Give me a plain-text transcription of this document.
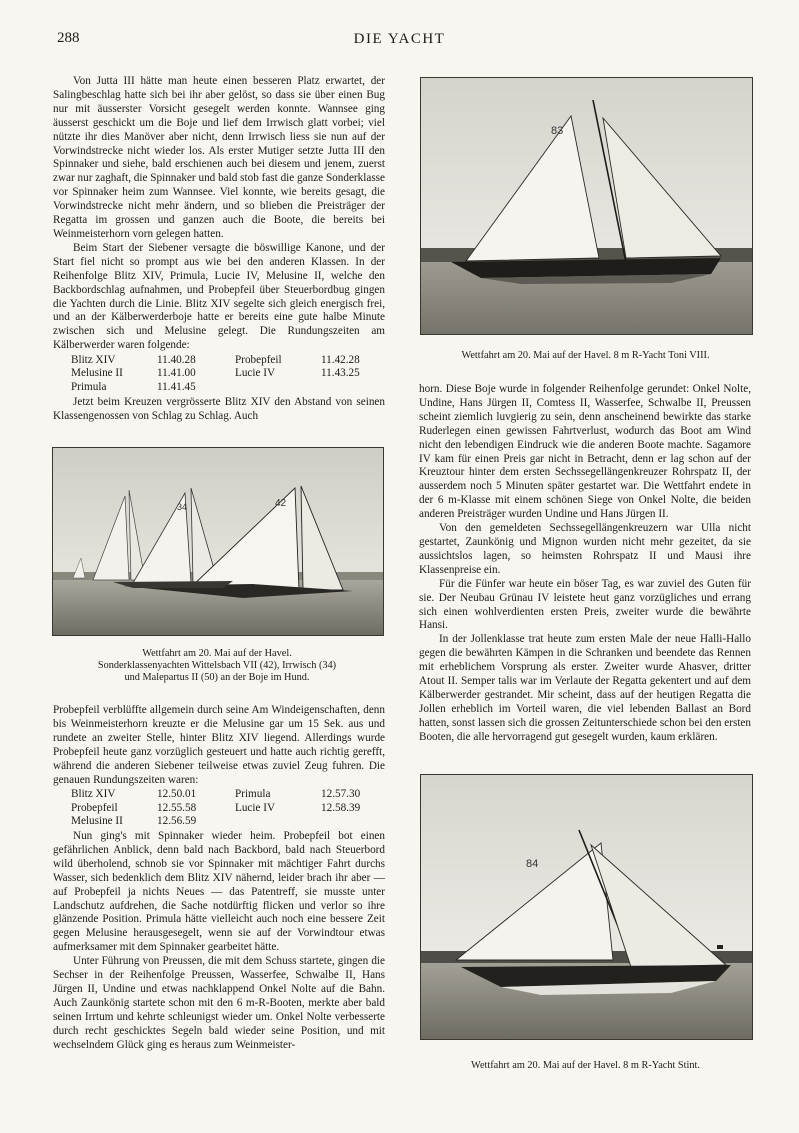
288	DIE YACHT

Von Jutta III hätte man heute einen besseren Platz erwartet, der Salingbeschlag hatte sich bei ihr aber gelöst, so dass sie über einen Bug nur mit äusserster Vorsicht gesegelt werden konnte. Wannsee ging äusserst geschickt um die Boje und lief dem Irrwisch glatt vorbei; viel nützte ihr dies Manöver aber nicht, denn Irrwisch liess sie nun auf der Vorwindstrecke nicht wieder los. Als erster Mutiger setzte Jutta III den Spinnaker und siehe, bald erschienen auch bei diesem und jenem, zuerst zwar nur zaghaft, die Spinnaker und bald stob fast die ganze Sonderklasse vor Spinnaker heim zum Wannsee. Viel konnte, wie bereits gesagt, die Vorwindstrecke nicht mehr ändern, und so blieben die Preisträger der Regatta im grossen und ganzen auch die Boote, die bereits bei Weinmeisterhorn vorn gelegen hatten.

Beim Start der Siebener versagte die böswillige Kanone, und der Start fiel nicht so prompt aus wie bei den anderen Klassen. In der Reihenfolge Blitz XIV, Primula, Lucie IV, Melusine II, welche den Backbordschlag aufnahmen, und Probepfeil über Steuerbordbug gingen die Yachten durch die Linie. Blitz XIV segelte sich gleich energisch frei, und an der Kälberwerderboje hatte er bereits eine gute halbe Minute zwischen sich und Melusine gelegt. Die Rundungszeiten am Kälberwerder waren folgende:

Blitz XIV	11.40.28	Probepfeil	11.42.28
Melusine II	11.41.00	Lucie IV	11.43.25
Primula	11.41.45		

Jetzt beim Kreuzen vergrösserte Blitz XIV den Abstand von seinen Klassengenossen von Schlag zu Schlag. Auch

34	42
Wettfahrt am 20. Mai auf der Havel.
Sonderklassenyachten Wittelsbach VII (42), Irrwisch (34)
und Malepartus II (50) an der Boje im Hund.

Probepfeil verblüffte allgemein durch seine Am Windeigenschaften, denn bis Weinmeisterhorn kreuzte er die Melusine gar um 15 Sek. aus und rundete an zweiter Stelle, hinter Blitz XIV liegend. Allerdings wurde Probepfeil heute ganz vorzüglich gesteuert und hatte auch richtig gerefft, während die anderen Siebener teilweise etwas zuviel Zeug fuhren. Die genauen Rundungszeiten waren:

Blitz XIV	12.50.01	Primula	12.57.30
Probepfeil	12.55.58	Lucie IV	12.58.39
Melusine II	12.56.59		

Nun ging's mit Spinnaker wieder heim. Probepfeil bot einen gefährlichen Anblick, denn bald nach Backbord, bald nach Steuerbord wild überholend, schnob sie vor Spinnaker mit mächtiger Fahrt durchs Wasser, sich bedenklich dem Blitz XIV nähernd, leider brach ihr aber — auf Probepfeil ja nichts Neues — das Patentreff, sie musste unter Landschutz aufdrehen, die Sache notdürftig flicken und verlor so ihre glänzende Position. Primula hätte vielleicht auch noch eine bessere Zeit gegen Melusine herausgesegelt, wenn sie auf der Vorwindtour etwas aufmerksamer mit dem Spinnaker gearbeitet hätte.

Unter Führung von Preussen, die mit dem Schuss startete, gingen die Sechser in der Reihenfolge Preussen, Wasserfee, Schwalbe II, Hans Jürgen II, Undine und etwas nachklappend Onkel Nolte auf die Bahn. Auch Zaunkönig startete schon mit den 6 m-R-Booten, merkte aber bald seinen Irrtum und kehrte schleunigst wieder um. Onkel Nolte verbesserte durch recht geschicktes Segeln bald wieder seine Position, und mit wechselndem Glück ging es heraus zum Weinmeister-

83
Wettfahrt am 20. Mai auf der Havel. 8 m R-Yacht Toni VIII.

horn. Diese Boje wurde in folgender Reihenfolge gerundet: Onkel Nolte, Undine, Hans Jürgen II, Comtess II, Wasserfee, Schwalbe II, Preussen scheint ziemlich luvgierig zu sein, denn anscheinend bewirkte das starke Ruderlegen einen gewissen Fahrtverlust, wodurch das Boot am Wind nicht den lebendigen Eindruck wie die anderen Boote machte. Sagamore IV kam für einen Preis gar nicht in Betracht, denn er lag schon auf der Kreuztour hinter dem ersten Sechssegellängenkreuzer Rohrspatz II, der ausserdem noch 5 Minuten später gestartet war. Die Wettfahrt endete in der 6 m-Klasse mit einem schönen Siege von Onkel Nolte, die beiden anderen Preisträger wurden Undine und Hans Jürgen II.

Von den gemeldeten Sechssegellängenkreuzern war Ulla nicht gestartet, Zaunkönig und Mignon wurden nicht mehr gezeitet, da sie aussichtslos lagen, so heimsten Rohrspatz II und Mausi ihre Klassenpreise ein.

Für die Fünfer war heute ein böser Tag, es war zuviel des Guten für sie. Der Neubau Grünau IV leistete heut ganz vorzügliches und errang sich einen wohlverdienten ersten Preis, zweiter wurde die bewährte Hansi.

In der Jollenklasse trat heute zum ersten Male der neue Halli-Hallo gegen die bewährten Kämpen in die Schranken und beendete das Rennen mit erheblichem Vorsprung als erster. Zweiter wurde Ahasver, dritter Atout II. Semper talis war im Verlaute der Regatta gekentert und auf dem Kälberwerder gestrandet. Mir scheint, dass auf der heutigen Regatta die Jollen erheblich im Vorteil waren, die viel lebenden Ballast an Bord hatten, sonst lassen sich die grossen Zeitunterschiede schon bei den ersten Booten, die alle hervorragend gut gesegelt wurden, kaum erklären.

84
Wettfahrt am 20. Mai auf der Havel. 8 m R-Yacht Stint.
